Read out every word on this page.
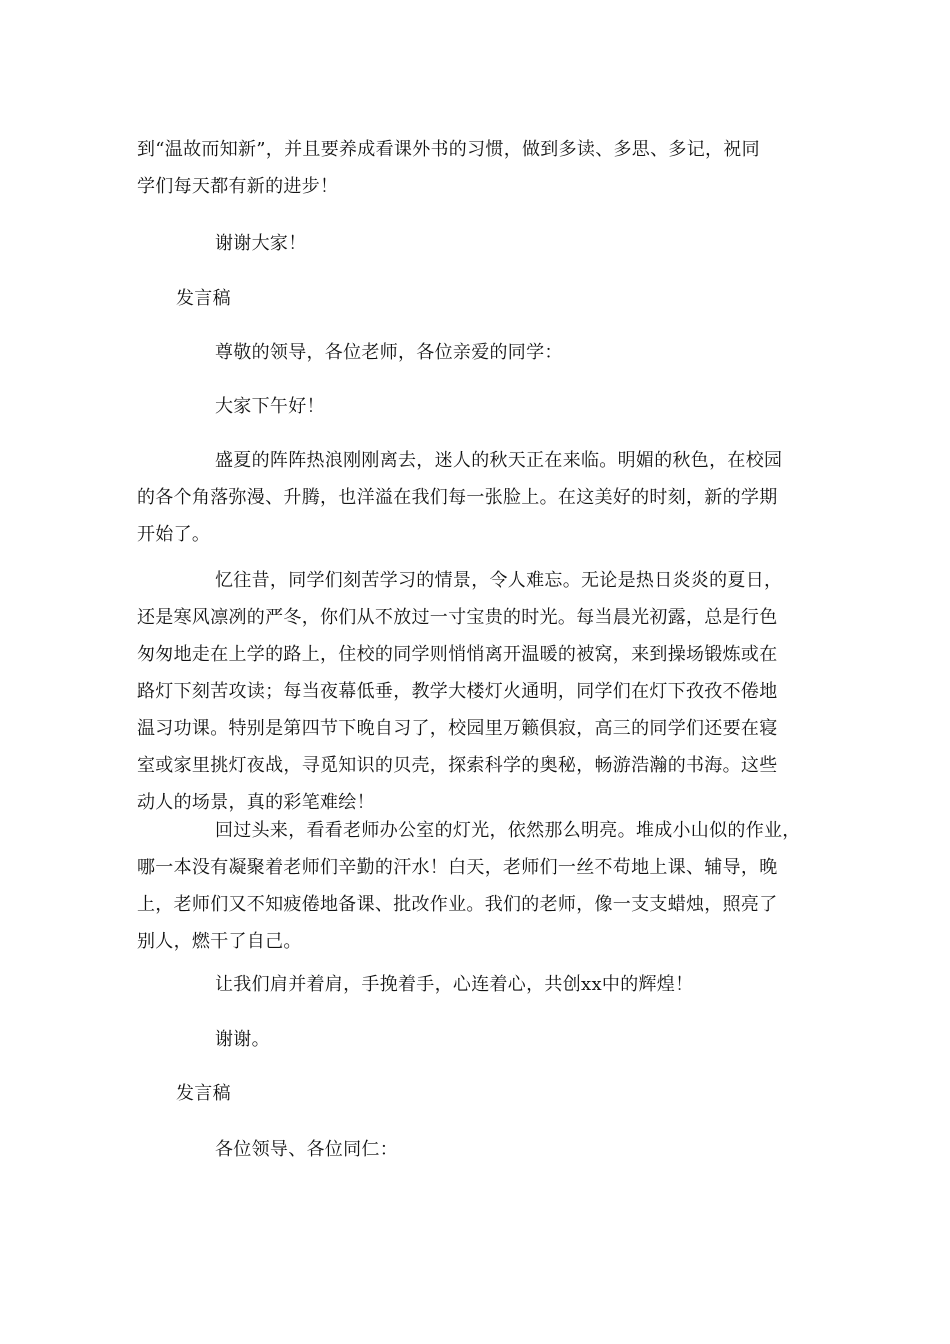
到“温故而知新”，并且要养成看课外书的习惯，做到多读、多思、多记，祝同
学们每天都有新的进步！

谢谢大家！

发言稿

尊敬的领导，各位老师，各位亲爱的同学：

大家下午好！

盛夏的阵阵热浪刚刚离去，迷人的秋天正在来临。明媚的秋色，在校园
的各个角落弥漫、升腾，也洋溢在我们每一张脸上。在这美好的时刻，新的学期
开始了。

忆往昔，同学们刻苦学习的情景，令人难忘。无论是热日炎炎的夏日，
还是寒风凛冽的严冬，你们从不放过一寸宝贵的时光。每当晨光初露，总是行色
匆匆地走在上学的路上，住校的同学则悄悄离开温暖的被窝，来到操场锻炼或在
路灯下刻苦攻读；每当夜幕低垂，教学大楼灯火通明，同学们在灯下孜孜不倦地
温习功课。特别是第四节下晚自习了，校园里万籁俱寂，高三的同学们还要在寝
室或家里挑灯夜战，寻觅知识的贝壳，探索科学的奥秘，畅游浩瀚的书海。这些
动人的场景，真的彩笔难绘！

回过头来，看看老师办公室的灯光，依然那么明亮。堆成小山似的作业，
哪一本没有凝聚着老师们辛勤的汗水！白天，老师们一丝不苟地上课、辅导，晚
上，老师们又不知疲倦地备课、批改作业。我们的老师，像一支支蜡烛，照亮了
别人，燃干了自己。

让我们肩并着肩，手挽着手，心连着心，共创xx中的辉煌！

谢谢。

发言稿

各位领导、各位同仁：
